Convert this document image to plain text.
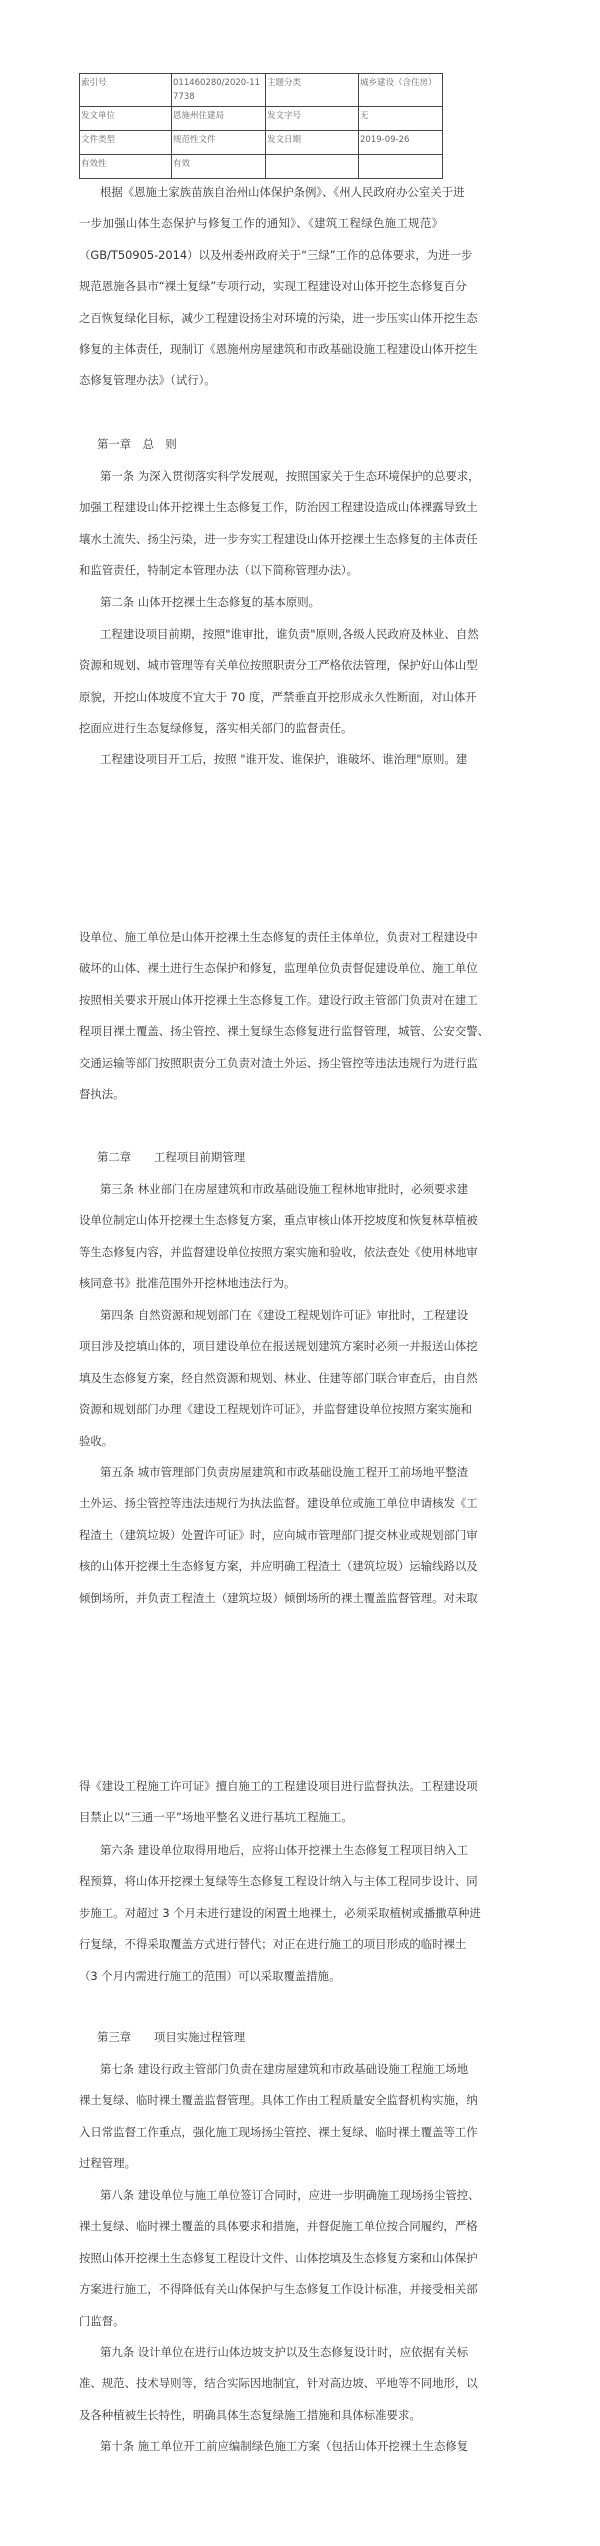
索引号	011460280/2020-117738	主题分类	城乡建设（含住房）
发文单位	恩施州住建局	发文字号	无
文件类型	规范性文件	发文日期	2019-09-26
有效性	有效		
根据《恩施土家族苗族自治州山体保护条例》、《州人民政府办公室关于进
一步加强山体生态保护与修复工作的通知》、《建筑工程绿色施工规范》
（GB/T50905-2014）以及州委州政府关于“三绿”工作的总体要求，为进一步
规范恩施各县市“裸土复绿”专项行动，实现工程建设对山体开挖生态修复百分
之百恢复绿化目标，减少工程建设扬尘对环境的污染，进一步压实山体开挖生态
修复的主体责任，现制订《恩施州房屋建筑和市政基础设施工程建设山体开挖生
态修复管理办法》（试行）。
第一章　总　则
第一条 为深入贯彻落实科学发展观，按照国家关于生态环境保护的总要求，
加强工程建设山体开挖裸土生态修复工作，防治因工程建设造成山体裸露导致土
壤水土流失、扬尘污染，进一步夯实工程建设山体开挖裸土生态修复的主体责任
和监管责任，特制定本管理办法（以下简称管理办法）。
第二条 山体开挖裸土生态修复的基本原则。
工程建设项目前期，按照"谁审批，谁负责"原则,各级人民政府及林业、自然
资源和规划、城市管理等有关单位按照职责分工严格依法管理，保护好山体山型
原貌，开挖山体坡度不宜大于 70 度，严禁垂直开挖形成永久性断面，对山体开
挖面应进行生态复绿修复，落实相关部门的监督责任。
工程建设项目开工后，按照 "谁开发、谁保护，谁破坏、谁治理"原则。建
设单位、施工单位是山体开挖裸土生态修复的责任主体单位，负责对工程建设中
破坏的山体、裸土进行生态保护和修复，监理单位负责督促建设单位、施工单位
按照相关要求开展山体开挖裸土生态修复工作。建设行政主管部门负责对在建工
程项目裸土覆盖、扬尘管控、裸土复绿生态修复进行监督管理，城管、公安交警、
交通运输等部门按照职责分工负责对渣土外运、扬尘管控等违法违规行为进行监
督执法。
第二章　　工程项目前期管理
第三条 林业部门在房屋建筑和市政基础设施工程林地审批时，必须要求建
设单位制定山体开挖裸土生态修复方案，重点审核山体开挖坡度和恢复林草植被
等生态修复内容，并监督建设单位按照方案实施和验收，依法查处《使用林地审
核同意书》批准范围外开挖林地违法行为。
第四条 自然资源和规划部门在《建设工程规划许可证》审批时，工程建设
项目涉及挖填山体的，项目建设单位在报送规划建筑方案时必须一并报送山体挖
填及生态修复方案，经自然资源和规划、林业、住建等部门联合审查后，由自然
资源和规划部门办理《建设工程规划许可证》，并监督建设单位按照方案实施和
验收。
第五条 城市管理部门负责房屋建筑和市政基础设施工程开工前场地平整渣
土外运、扬尘管控等违法违规行为执法监督。建设单位或施工单位申请核发《工
程渣土（建筑垃圾）处置许可证》时，应向城市管理部门提交林业或规划部门审
核的山体开挖裸土生态修复方案，并应明确工程渣土（建筑垃圾）运输线路以及
倾倒场所，并负责工程渣土（建筑垃圾）倾倒场所的裸土覆盖监督管理。对未取
得《建设工程施工许可证》擅自施工的工程建设项目进行监督执法。工程建设项
目禁止以“三通一平”场地平整名义进行基坑工程施工。
第六条 建设单位取得用地后，应将山体开挖裸土生态修复工程项目纳入工
程预算，将山体开挖裸土复绿等生态修复工程设计纳入与主体工程同步设计、同
步施工。对超过 3 个月未进行建设的闲置土地裸土，必须采取植树或播撒草种进
行复绿，不得采取覆盖方式进行替代；对正在进行施工的项目形成的临时裸土
（3 个月内需进行施工的范围）可以采取覆盖措施。
第三章　　项目实施过程管理
第七条 建设行政主管部门负责在建房屋建筑和市政基础设施工程施工场地
裸土复绿、临时裸土覆盖监督管理。具体工作由工程质量安全监督机构实施，纳
入日常监督工作重点，强化施工现场扬尘管控、裸土复绿、临时裸土覆盖等工作
过程管理。
第八条 建设单位与施工单位签订合同时，应进一步明确施工现场扬尘管控、
裸土复绿、临时裸土覆盖的具体要求和措施，并督促施工单位按合同履约，严格
按照山体开挖裸土生态修复工程设计文件、山体挖填及生态修复方案和山体保护
方案进行施工，不得降低有关山体保护与生态修复工作设计标准，并接受相关部
门监督。
第九条 设计单位在进行山体边坡支护以及生态修复设计时，应依据有关标
准、规范、技术导则等，结合实际因地制宜，针对高边坡、平地等不同地形，以
及各种植被生长特性，明确具体生态复绿施工措施和具体标准要求。
第十条 施工单位开工前应编制绿色施工方案（包括山体开挖裸土生态修复
